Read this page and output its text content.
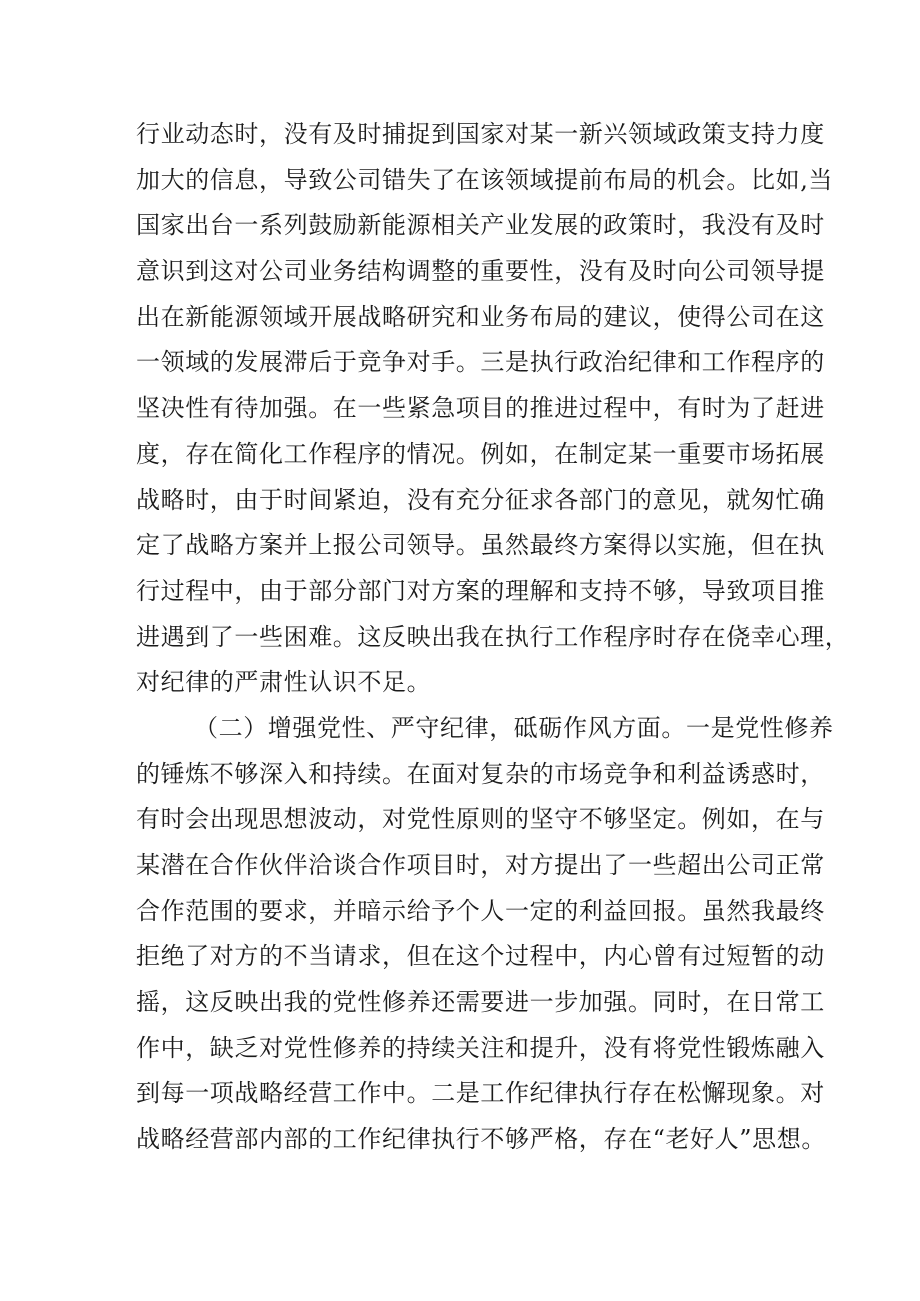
行业动态时，没有及时捕捉到国家对某一新兴领域政策支持力度
加大的信息，导致公司错失了在该领域提前布局的机会。比如,当
国家出台一系列鼓励新能源相关产业发展的政策时，我没有及时
意识到这对公司业务结构调整的重要性，没有及时向公司领导提
出在新能源领域开展战略研究和业务布局的建议，使得公司在这
一领域的发展滞后于竞争对手。三是执行政治纪律和工作程序的
坚决性有待加强。在一些紧急项目的推进过程中，有时为了赶进
度，存在简化工作程序的情况。例如，在制定某一重要市场拓展
战略时，由于时间紧迫，没有充分征求各部门的意见，就匆忙确
定了战略方案并上报公司领导。虽然最终方案得以实施，但在执
行过程中，由于部分部门对方案的理解和支持不够，导致项目推
进遇到了一些困难。这反映出我在执行工作程序时存在侥幸心理，
对纪律的严肃性认识不足。
（二）增强党性、严守纪律，砥砺作风方面。一是党性修养
的锤炼不够深入和持续。在面对复杂的市场竞争和利益诱惑时，
有时会出现思想波动，对党性原则的坚守不够坚定。例如，在与
某潜在合作伙伴洽谈合作项目时，对方提出了一些超出公司正常
合作范围的要求，并暗示给予个人一定的利益回报。虽然我最终
拒绝了对方的不当请求，但在这个过程中，内心曾有过短暂的动
摇，这反映出我的党性修养还需要进一步加强。同时，在日常工
作中，缺乏对党性修养的持续关注和提升，没有将党性锻炼融入
到每一项战略经营工作中。二是工作纪律执行存在松懈现象。对
战略经营部内部的工作纪律执行不够严格，存在“老好人”思想。
